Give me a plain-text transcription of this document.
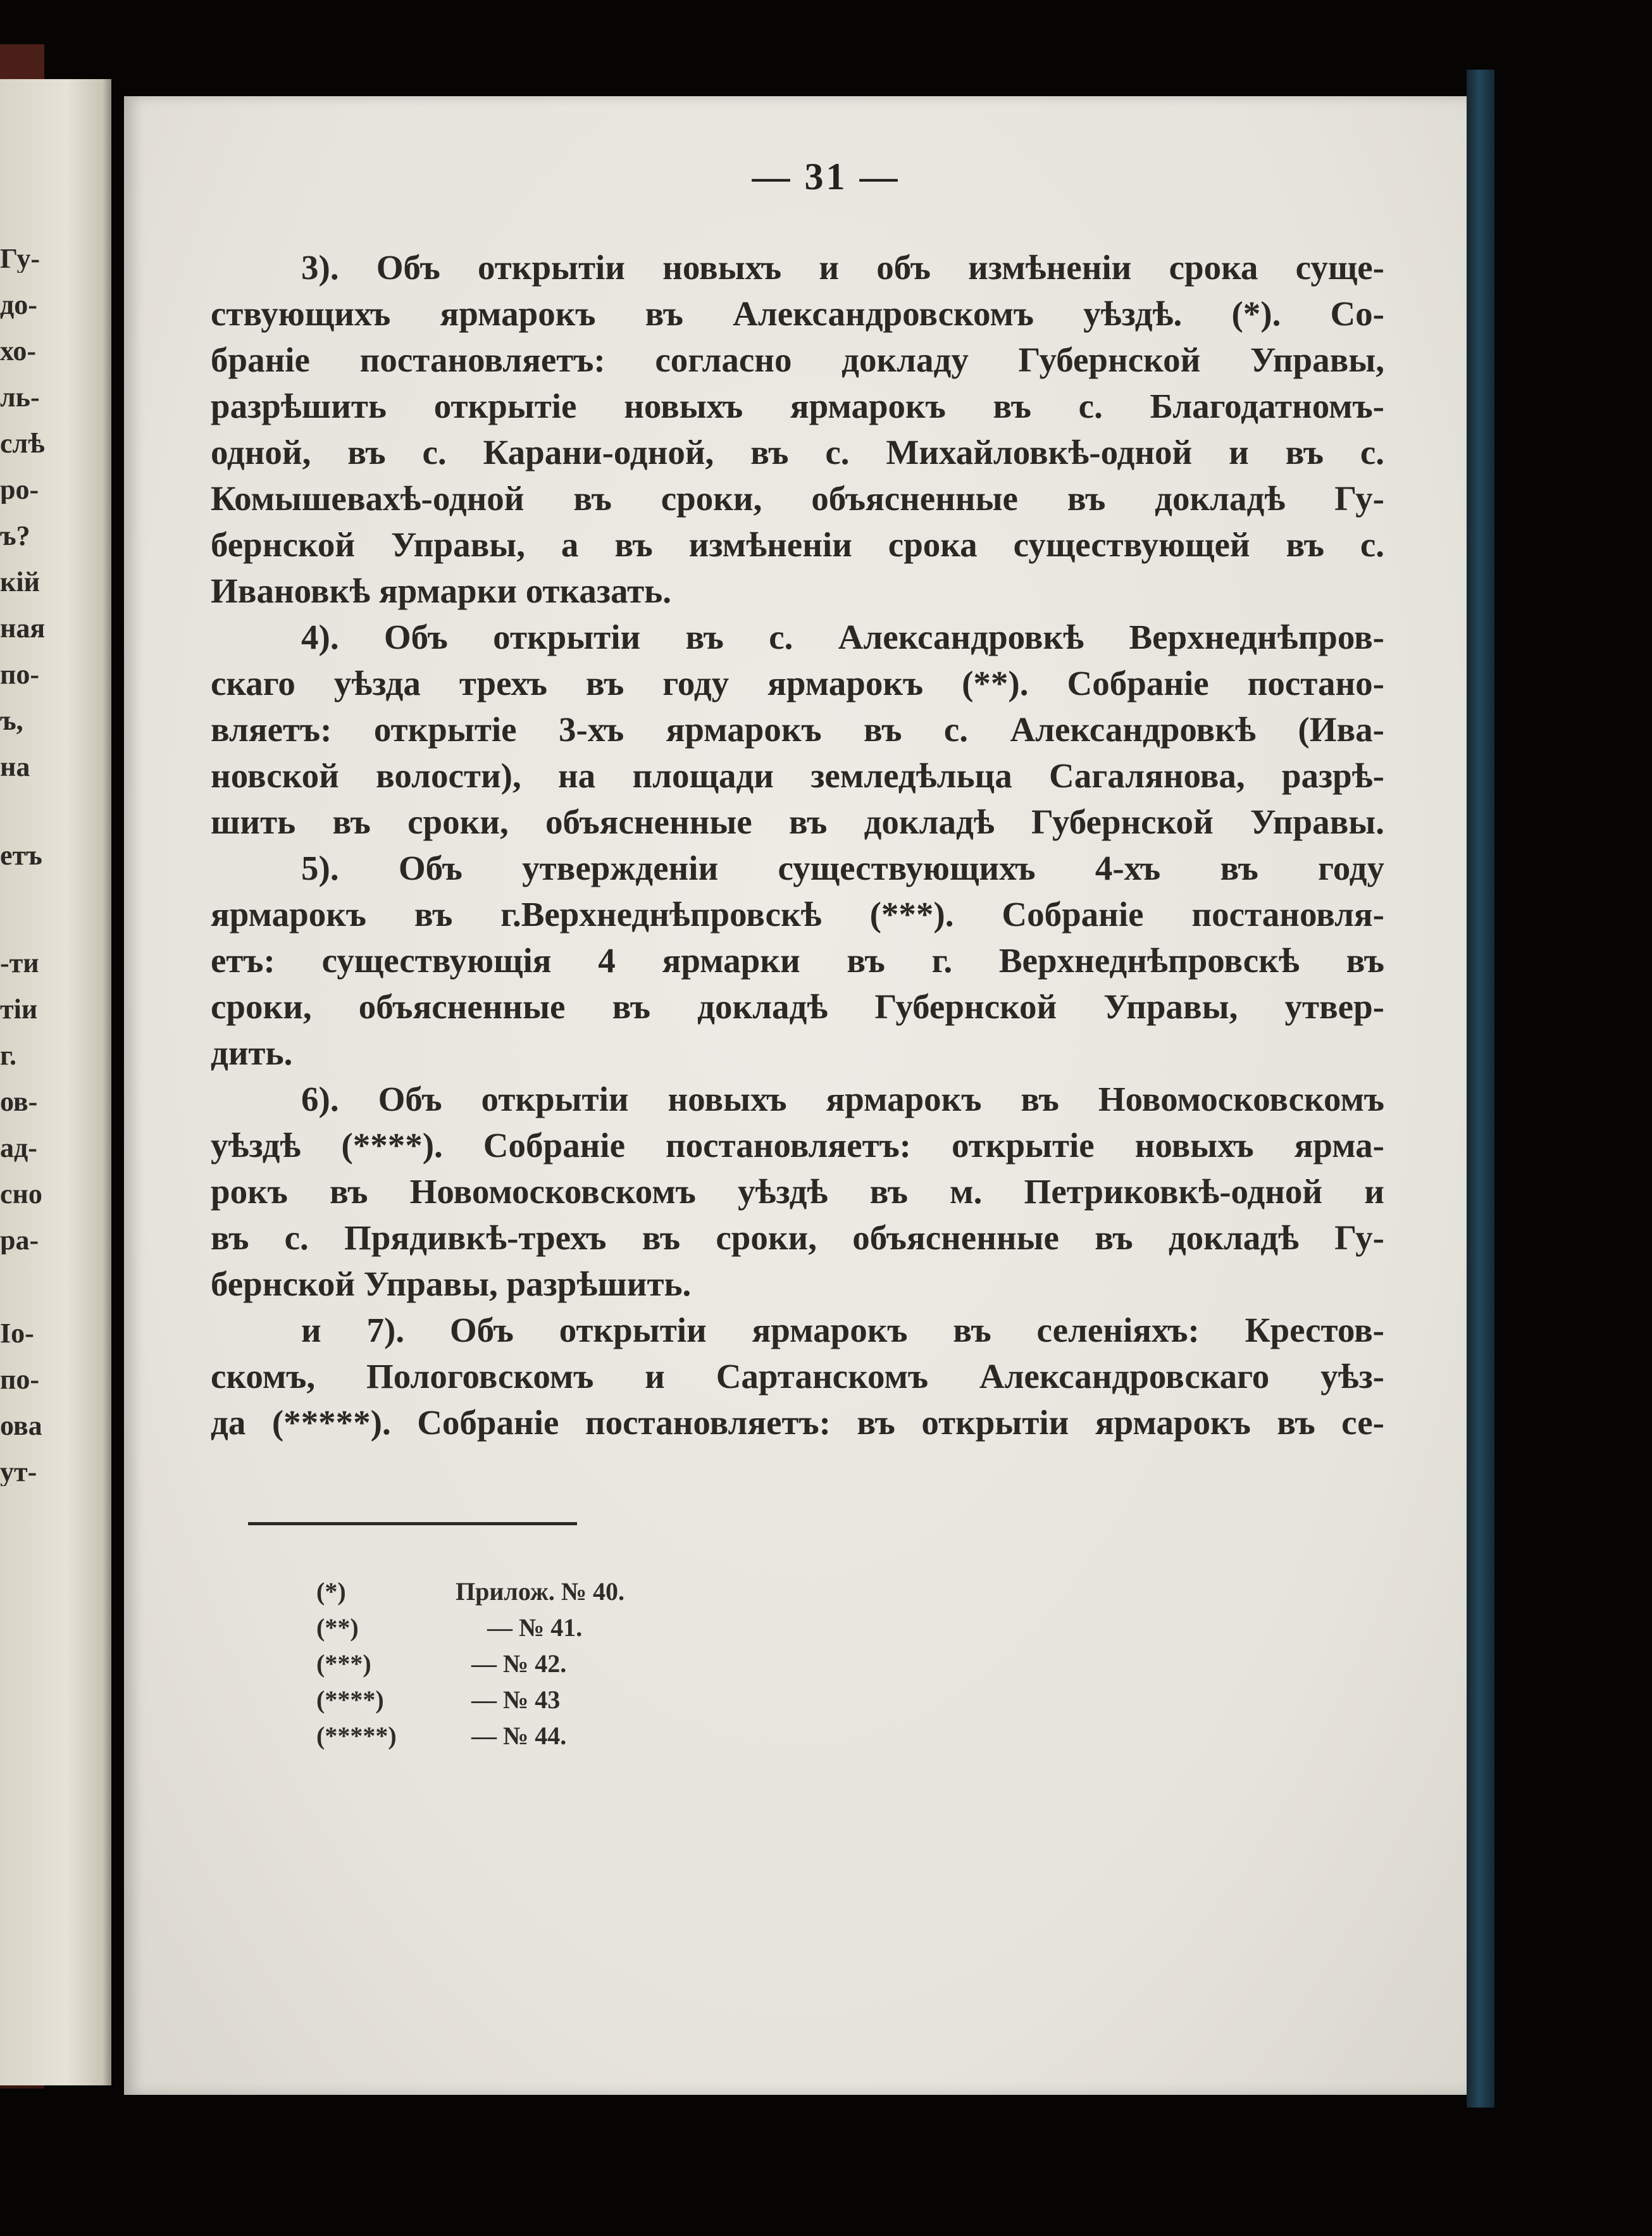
Гу-
до-
хо-
ль-
слѣ
ро-
ъ?
кій
ная
по-
ъ,
на
етъ
-ти
тіи
г.
ов-
ад-
сно
ра-
Іо-
по-
ова
ут-
— 31 —
3). Объ открытіи новыхъ и объ измѣненіи срока суще-
ствующихъ ярмарокъ въ Александровскомъ уѣздѣ. (*). Со-
браніе постановляетъ: согласно докладу Губернской Управы,
разрѣшить открытіе новыхъ ярмарокъ въ с. Благодатномъ-
одной, въ с. Карани-одной, въ с. Михайловкѣ-одной и въ с.
Комышевахѣ-одной въ сроки, объясненные въ докладѣ Гу-
бернской Управы, а въ измѣненіи срока существующей въ с.
Ивановкѣ ярмарки отказать.
4). Объ открытіи въ с. Александровкѣ Верхнеднѣпров-
скаго уѣзда трехъ въ году ярмарокъ (**). Собраніе постано-
вляетъ: открытіе 3-хъ ярмарокъ въ с. Александровкѣ (Ива-
новской волости), на площади земледѣльца Сагалянова, разрѣ-
шить въ сроки, объясненные въ докладѣ Губернской Управы.
5). Объ утвержденіи существующихъ 4-хъ въ году
ярмарокъ въ г.Верхнеднѣпровскѣ (***). Собраніе постановля-
етъ: существующія 4 ярмарки въ г. Верхнеднѣпровскѣ въ
сроки, объясненные въ докладѣ Губернской Управы, утвер-
дить.
6). Объ открытіи новыхъ ярмарокъ въ Новомосковскомъ
уѣздѣ (****). Собраніе постановляетъ: открытіе новыхъ ярма-
рокъ въ Новомосковскомъ уѣздѣ въ м. Петриковкѣ-одной и
въ с. Прядивкѣ-трехъ въ сроки, объясненные въ докладѣ Гу-
бернской Управы, разрѣшить.
и 7). Объ открытіи ярмарокъ въ селеніяхъ: Крестов-
скомъ, Пологовскомъ и Сартанскомъ Александровскаго уѣз-
да (*****). Собраніе постановляетъ: въ открытіи ярмарокъ въ се-
(*)	Прилож. № 40.
(**)	— № 41.
(***)	— № 42.
(****)	— № 43
(*****)	— № 44.
